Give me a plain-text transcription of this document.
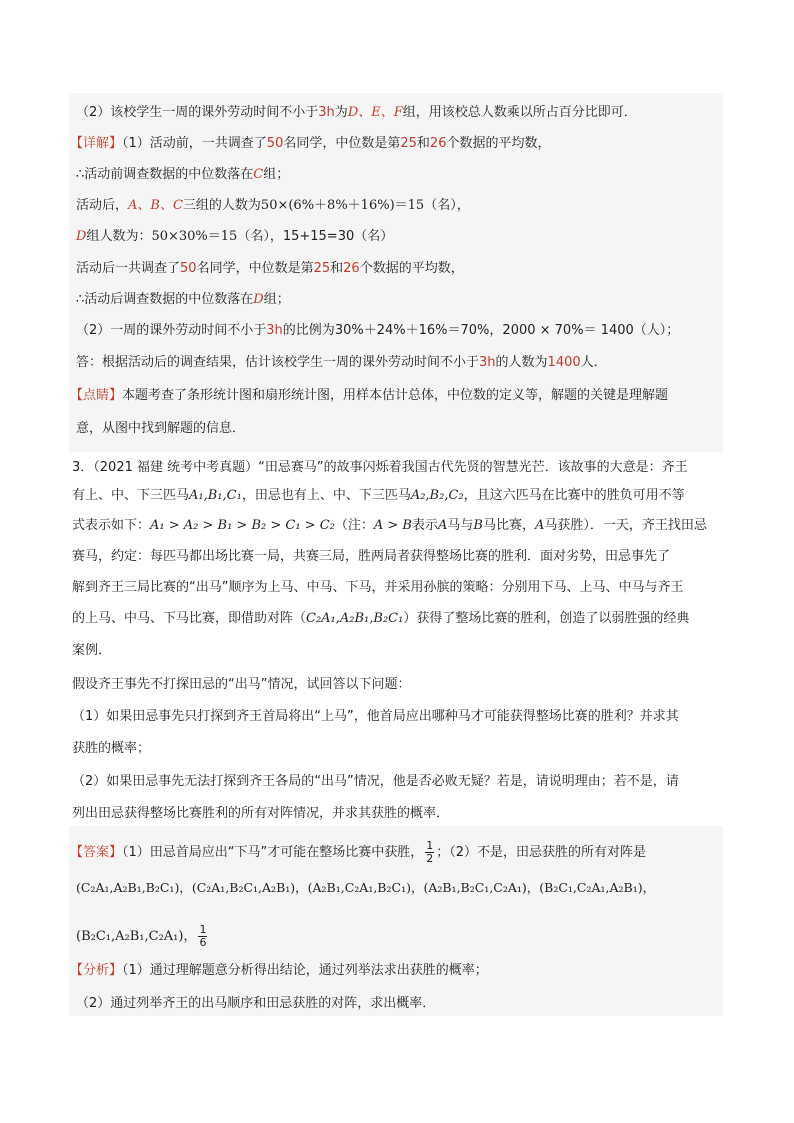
（2）该校学生一周的课外劳动时间不小于3h为D、E、F组，用该校总人数乘以所占百分比即可．
【详解】（1）活动前，一共调查了50名同学，中位数是第25和26个数据的平均数，
∴活动前调查数据的中位数落在C组；
活动后，A、B、C三组的人数为50×(6%＋8%＋16%)＝15（名），
D组人数为：50×30%＝15（名），15+15=30（名）
活动后一共调查了50名同学，中位数是第25和26个数据的平均数，
∴活动后调查数据的中位数落在D组；
（2）一周的课外劳动时间不小于3h的比例为30%＋24%＋16%＝70%，2000 × 70%＝ 1400（人）；
答：根据活动后的调查结果，估计该校学生一周的课外劳动时间不小于3h的人数为1400人．
【点睛】本题考查了条形统计图和扇形统计图，用样本估计总体，中位数的定义等，解题的关键是理解题
意，从图中找到解题的信息．
3．（2021 福建 统考中考真题）“田忌赛马”的故事闪烁着我国古代先贤的智慧光芒．该故事的大意是：齐王
有上、中、下三匹马A₁,B₁,C₁，田忌也有上、中、下三匹马A₂,B₂,C₂，且这六匹马在比赛中的胜负可用不等
式表示如下：A₁ > A₂ > B₁ > B₂ > C₁ > C₂（注：A > B表示A马与B马比赛，A马获胜）．一天，齐王找田忌
赛马，约定：每匹马都出场比赛一局，共赛三局，胜两局者获得整场比赛的胜利．面对劣势，田忌事先了
解到齐王三局比赛的“出马”顺序为上马、中马、下马，并采用孙膑的策略：分别用下马、上马、中马与齐王
的上马、中马、下马比赛，即借助对阵（C₂A₁,A₂B₁,B₂C₁）获得了整场比赛的胜利，创造了以弱胜强的经典
案例．
假设齐王事先不打探田忌的“出马”情况，试回答以下问题：
（1）如果田忌事先只打探到齐王首局将出“上马”，他首局应出哪种马才可能获得整场比赛的胜利？并求其
获胜的概率；
（2）如果田忌事先无法打探到齐王各局的“出马”情况，他是否必败无疑？若是，请说明理由；若不是，请
列出田忌获得整场比赛胜利的所有对阵情况，并求其获胜的概率．
【答案】（1）田忌首局应出“下马”才可能在整场比赛中获胜， $\frac{1}{2}$ ；（2）不是，田忌获胜的所有对阵是
(C₂A₁,A₂B₁,B₂C₁)，(C₂A₁,B₂C₁,A₂B₁)，(A₂B₁,C₂A₁,B₂C₁)，(A₂B₁,B₂C₁,C₂A₁)，(B₂C₁,C₂A₁,A₂B₁)，
(B₂C₁,A₂B₁,C₂A₁)， $\frac{1}{6}$
【分析】（1）通过理解题意分析得出结论，通过列举法求出获胜的概率；
（2）通过列举齐王的出马顺序和田忌获胜的对阵，求出概率．
